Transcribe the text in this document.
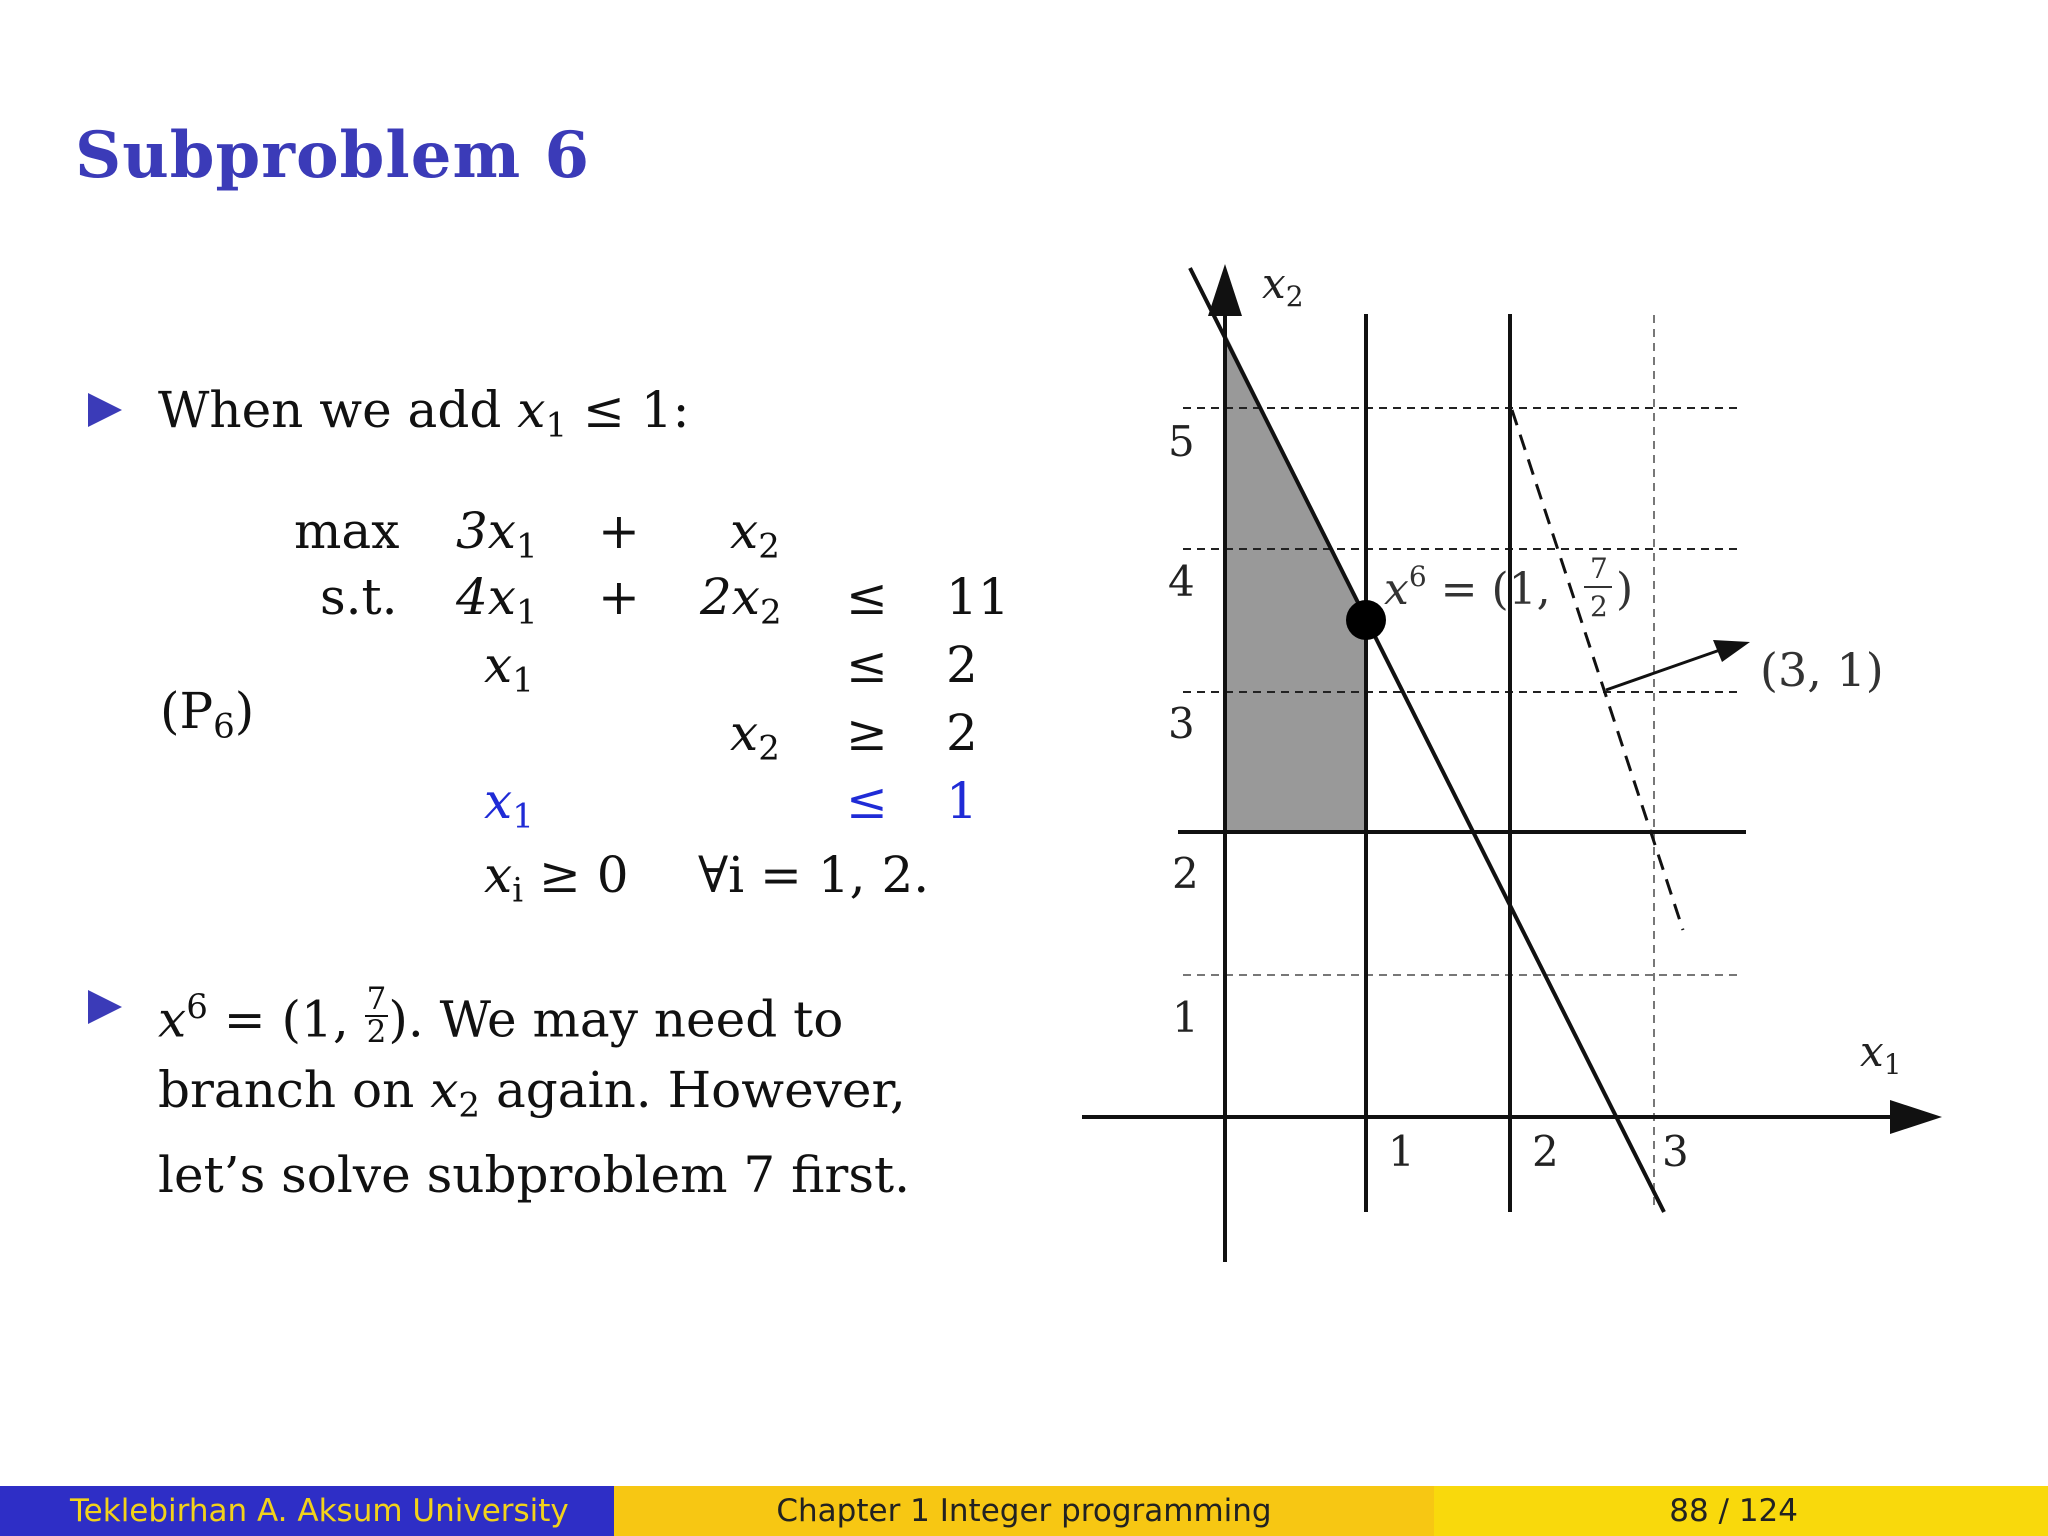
Subproblem 6
When we add $x_1 \le 1$:
$(P_6)$
$\max 3x_1 + x_2$
s.t. $4x_1 + 2x_2 \le 11$
$x_1$	≤ 2
$x_2 \ge 2$
$x_1$	≤ 1
$x_i \ge 0$ ∀i = 1, 2.
$x^6 = (1$, $\frac{7}{2}$ ). We may need to
branch on $x_2$ again. However,
let’s solve subproblem 7 first.
x2
x1
1	2 3
1
2
3
4
5
$x^6 = (1$, 7
2 )
(3, 1)
Teklebirhan A. Aksum University	Chapter 1 Integer programming	88 / 124
